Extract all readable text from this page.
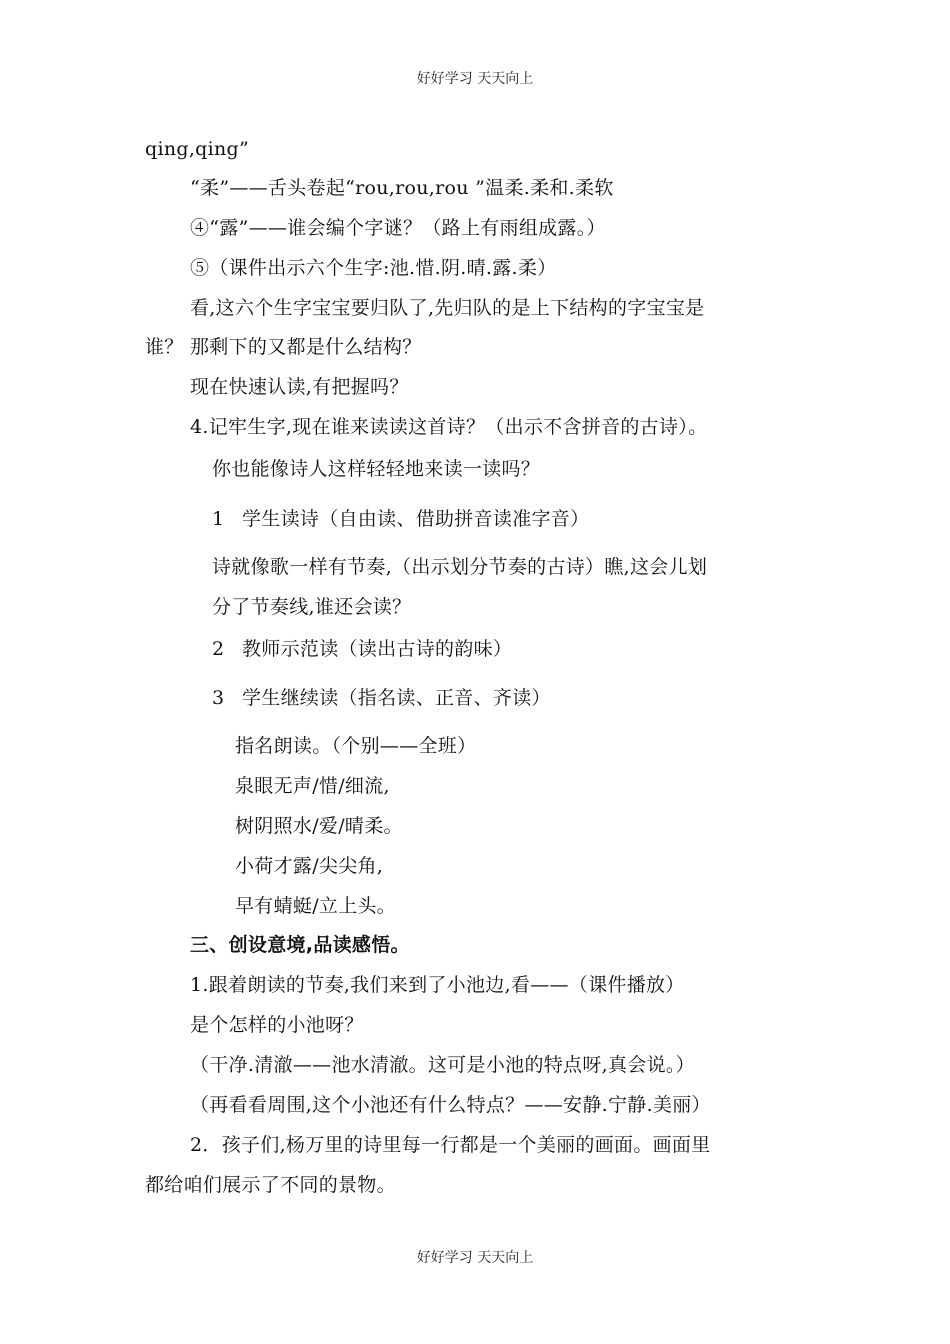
好好学习 天天向上
qing,qing”
“柔”——舌头卷起“rou,rou,rou ”温柔.柔和.柔软
④“露”——谁会编个字谜？（路上有雨组成露。）
⑤（课件出示六个生字:池.惜.阴.晴.露.柔）
看,这六个生字宝宝要归队了,先归队的是上下结构的字宝宝是
谁？ 那剩下的又都是什么结构？
现在快速认读,有把握吗？
4.记牢生字,现在谁来读读这首诗？（出示不含拼音的古诗）。
你也能像诗人这样轻轻地来读一读吗？
1 学生读诗（自由读、借助拼音读准字音）
诗就像歌一样有节奏,（出示划分节奏的古诗）瞧,这会儿划
分了节奏线,谁还会读？
2 教师示范读（读出古诗的韵味）
3 学生继续读（指名读、正音、齐读）
指名朗读。（个别——全班）
泉眼无声/惜/细流,
树阴照水/爱/晴柔。
小荷才露/尖尖角,
早有蜻蜓/立上头。
三、创设意境,品读感悟。
1.跟着朗读的节奏,我们来到了小池边,看——（课件播放）
是个怎样的小池呀？
（干净.清澈——池水清澈。这可是小池的特点呀,真会说。）
（再看看周围,这个小池还有什么特点？——安静.宁静.美丽）
2．孩子们,杨万里的诗里每一行都是一个美丽的画面。画面里
都给咱们展示了不同的景物。
好好学习 天天向上
